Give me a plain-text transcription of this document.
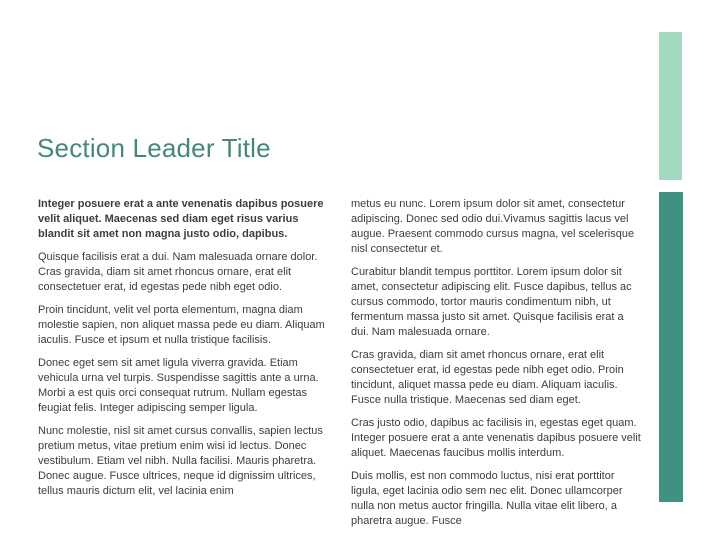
Section Leader Title

Integer posuere erat a ante venenatis dapibus posuere velit aliquet. Maecenas sed diam eget risus varius blandit sit amet non magna justo odio, dapibus.

Quisque facilisis erat a dui. Nam malesuada ornare dolor. Cras gravida, diam sit amet rhoncus ornare, erat elit consectetuer erat, id egestas pede nibh eget odio.

Proin tincidunt, velit vel porta elementum, magna diam molestie sapien, non aliquet massa pede eu diam. Aliquam iaculis. Fusce et ipsum et nulla tristique facilisis.

Donec eget sem sit amet ligula viverra gravida. Etiam vehicula urna vel turpis. Suspendisse sagittis ante a urna. Morbi a est quis orci consequat rutrum. Nullam egestas feugiat felis. Integer adipiscing semper ligula.

Nunc molestie, nisl sit amet cursus convallis, sapien lectus pretium metus, vitae pretium enim wisi id lectus. Donec vestibulum. Etiam vel nibh. Nulla facilisi. Mauris pharetra. Donec augue. Fusce ultrices, neque id dignissim ultrices, tellus mauris dictum elit, vel lacinia enim

metus eu nunc. Lorem ipsum dolor sit amet, consectetur adipiscing. Donec sed odio dui.Vivamus sagittis lacus vel augue. Praesent commodo cursus magna, vel scelerisque nisl consectetur et.

Curabitur blandit tempus porttitor. Lorem ipsum dolor sit amet, consectetur adipiscing elit. Fusce dapibus, tellus ac cursus commodo, tortor mauris condimentum nibh, ut fermentum massa justo sit amet. Quisque facilisis erat a dui. Nam malesuada ornare.

Cras gravida, diam sit amet rhoncus ornare, erat elit consectetuer erat, id egestas pede nibh eget odio. Proin tincidunt, aliquet massa pede eu diam. Aliquam iaculis. Fusce nulla tristique. Maecenas sed diam eget.

Cras justo odio, dapibus ac facilisis in, egestas eget quam. Integer posuere erat a ante venenatis dapibus posuere velit aliquet. Maecenas faucibus mollis interdum.

Duis mollis, est non commodo luctus, nisi erat porttitor ligula, eget lacinia odio sem nec elit. Donec ullamcorper nulla non metus auctor fringilla. Nulla vitae elit libero, a pharetra augue. Fusce
